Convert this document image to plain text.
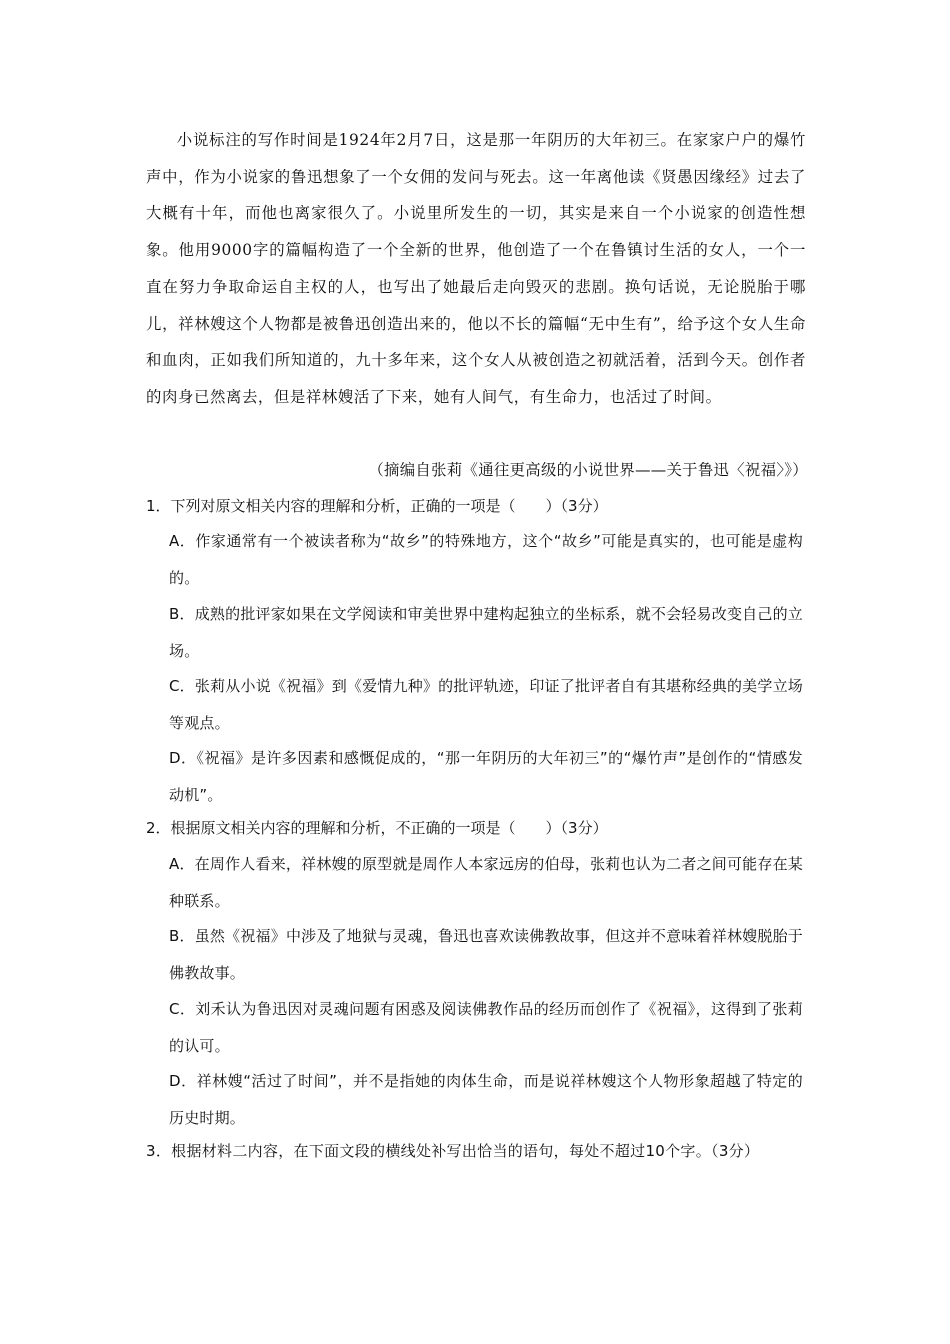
小说标注的写作时间是1924年2月7日，这是那一年阴历的大年初三。在家家户户的爆竹声中，作为小说家的鲁迅想象了一个女佣的发问与死去。这一年离他读《贤愚因缘经》过去了大概有十年，而他也离家很久了。小说里所发生的一切，其实是来自一个小说家的创造性想象。他用9000字的篇幅构造了一个全新的世界，他创造了一个在鲁镇讨生活的女人，一个一直在努力争取命运自主权的人，也写出了她最后走向毁灭的悲剧。换句话说，无论脱胎于哪儿，祥林嫂这个人物都是被鲁迅创造出来的，他以不长的篇幅“无中生有”，给予这个女人生命和血肉，正如我们所知道的，九十多年来，这个女人从被创造之初就活着，活到今天。创作者的肉身已然离去，但是祥林嫂活了下来，她有人间气，有生命力，也活过了时间。

（摘编自张莉《通往更高级的小说世界——关于鲁迅〈祝福〉》）

1．下列对原文相关内容的理解和分析，正确的一项是（　　）（3分）

A．作家通常有一个被读者称为“故乡”的特殊地方，这个“故乡”可能是真实的，也可能是虚构的。

B．成熟的批评家如果在文学阅读和审美世界中建构起独立的坐标系，就不会轻易改变自己的立场。

C．张莉从小说《祝福》到《爱情九种》的批评轨迹，印证了批评者自有其堪称经典的美学立场等观点。

D．《祝福》是许多因素和感慨促成的，“那一年阴历的大年初三”的“爆竹声”是创作的“情感发动机”。

2．根据原文相关内容的理解和分析，不正确的一项是（　　）（3分）

A．在周作人看来，祥林嫂的原型就是周作人本家远房的伯母，张莉也认为二者之间可能存在某种联系。

B．虽然《祝福》中涉及了地狱与灵魂，鲁迅也喜欢读佛教故事，但这并不意味着祥林嫂脱胎于佛教故事。

C．刘禾认为鲁迅因对灵魂问题有困惑及阅读佛教作品的经历而创作了《祝福》，这得到了张莉的认可。

D．祥林嫂“活过了时间”，并不是指她的肉体生命，而是说祥林嫂这个人物形象超越了特定的历史时期。

3．根据材料二内容，在下面文段的横线处补写出恰当的语句，每处不超过10个字。（3分）
